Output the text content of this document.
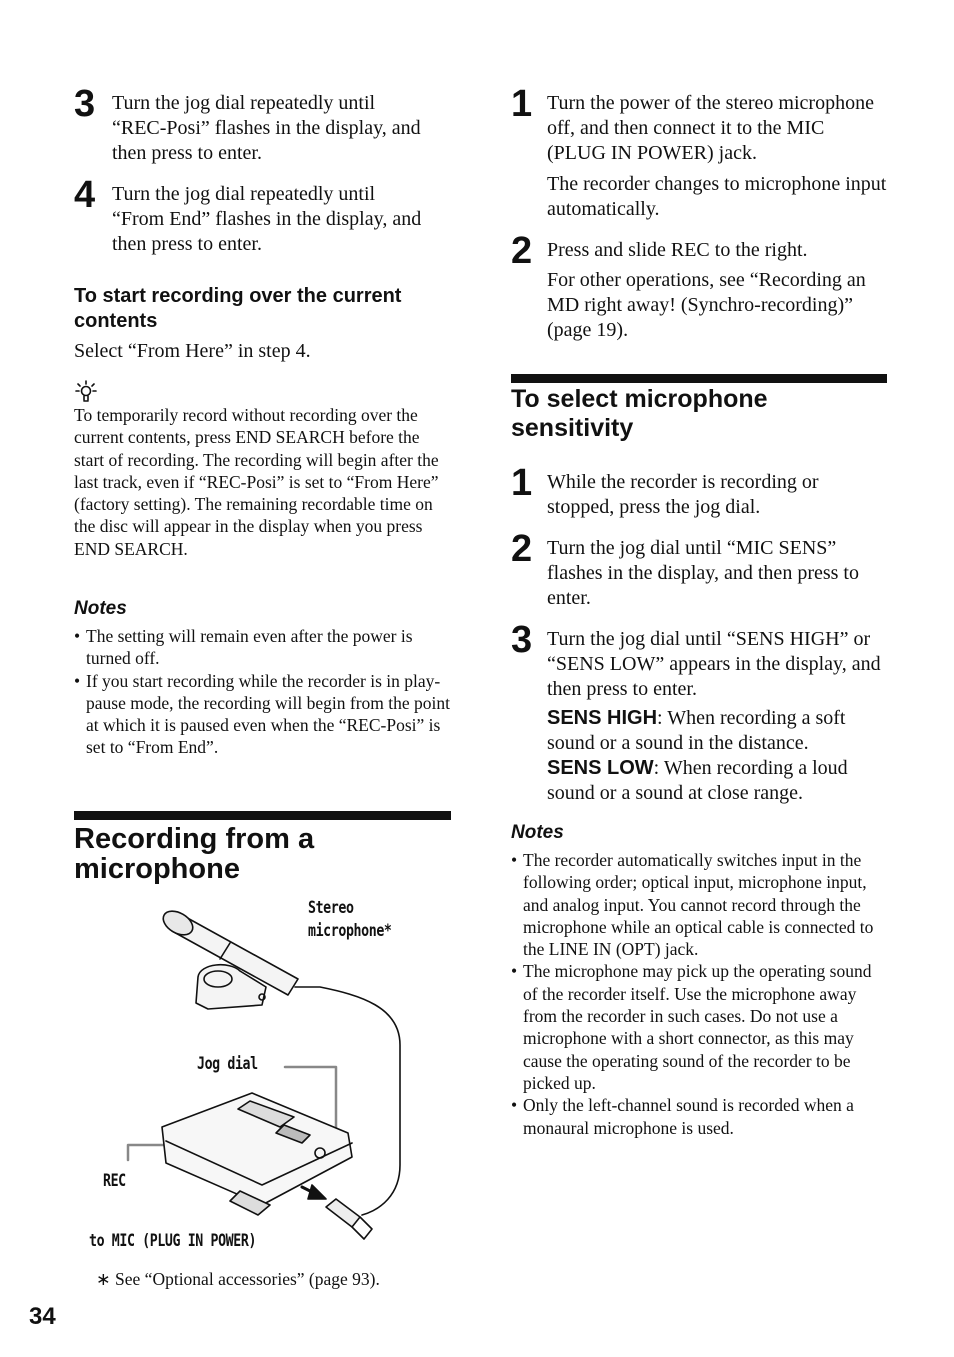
3 Turn the jog dial repeatedly until “REC-Posi” flashes in the display, and then press to enter.
4 Turn the jog dial repeatedly until “From End” flashes in the display, and then press to enter.
To start recording over the current contents
Select “From Here” in step 4.
To temporarily record without recording over the current contents, press END SEARCH before the start of recording. The recording will begin after the last track, even if “REC-Posi” is set to “From Here” (factory setting). The remaining recordable time on the disc will appear in the display when you press END SEARCH.
Notes
• The setting will remain even after the power is turned off.
• If you start recording while the recorder is in play-pause mode, the recording will begin from the point at which it is paused even when the “REC-Posi” is set to “From End”.
Recording from a microphone
Stereo microphone*
Jog dial
REC
to MIC (PLUG IN POWER)
∗ See “Optional accessories” (page 93).
34
1 Turn the power of the stereo microphone off, and then connect it to the MIC (PLUG IN POWER) jack.
The recorder changes to microphone input automatically.
2 Press and slide REC to the right.
For other operations, see “Recording an MD right away! (Synchro-recording)” (page 19).
To select microphone sensitivity
1 While the recorder is recording or stopped, press the jog dial.
2 Turn the jog dial until “MIC SENS” flashes in the display, and then press to enter.
3 Turn the jog dial until “SENS HIGH” or “SENS LOW” appears in the display, and then press to enter.
SENS HIGH: When recording a soft sound or a sound in the distance.
SENS LOW: When recording a loud sound or a sound at close range.
Notes
• The recorder automatically switches input in the following order; optical input, microphone input, and analog input. You cannot record through the microphone while an optical cable is connected to the LINE IN (OPT) jack.
• The microphone may pick up the operating sound of the recorder itself. Use the microphone away from the recorder in such cases. Do not use a microphone with a short connector, as this may cause the operating sound of the recorder to be picked up.
• Only the left-channel sound is recorded when a monaural microphone is used.
